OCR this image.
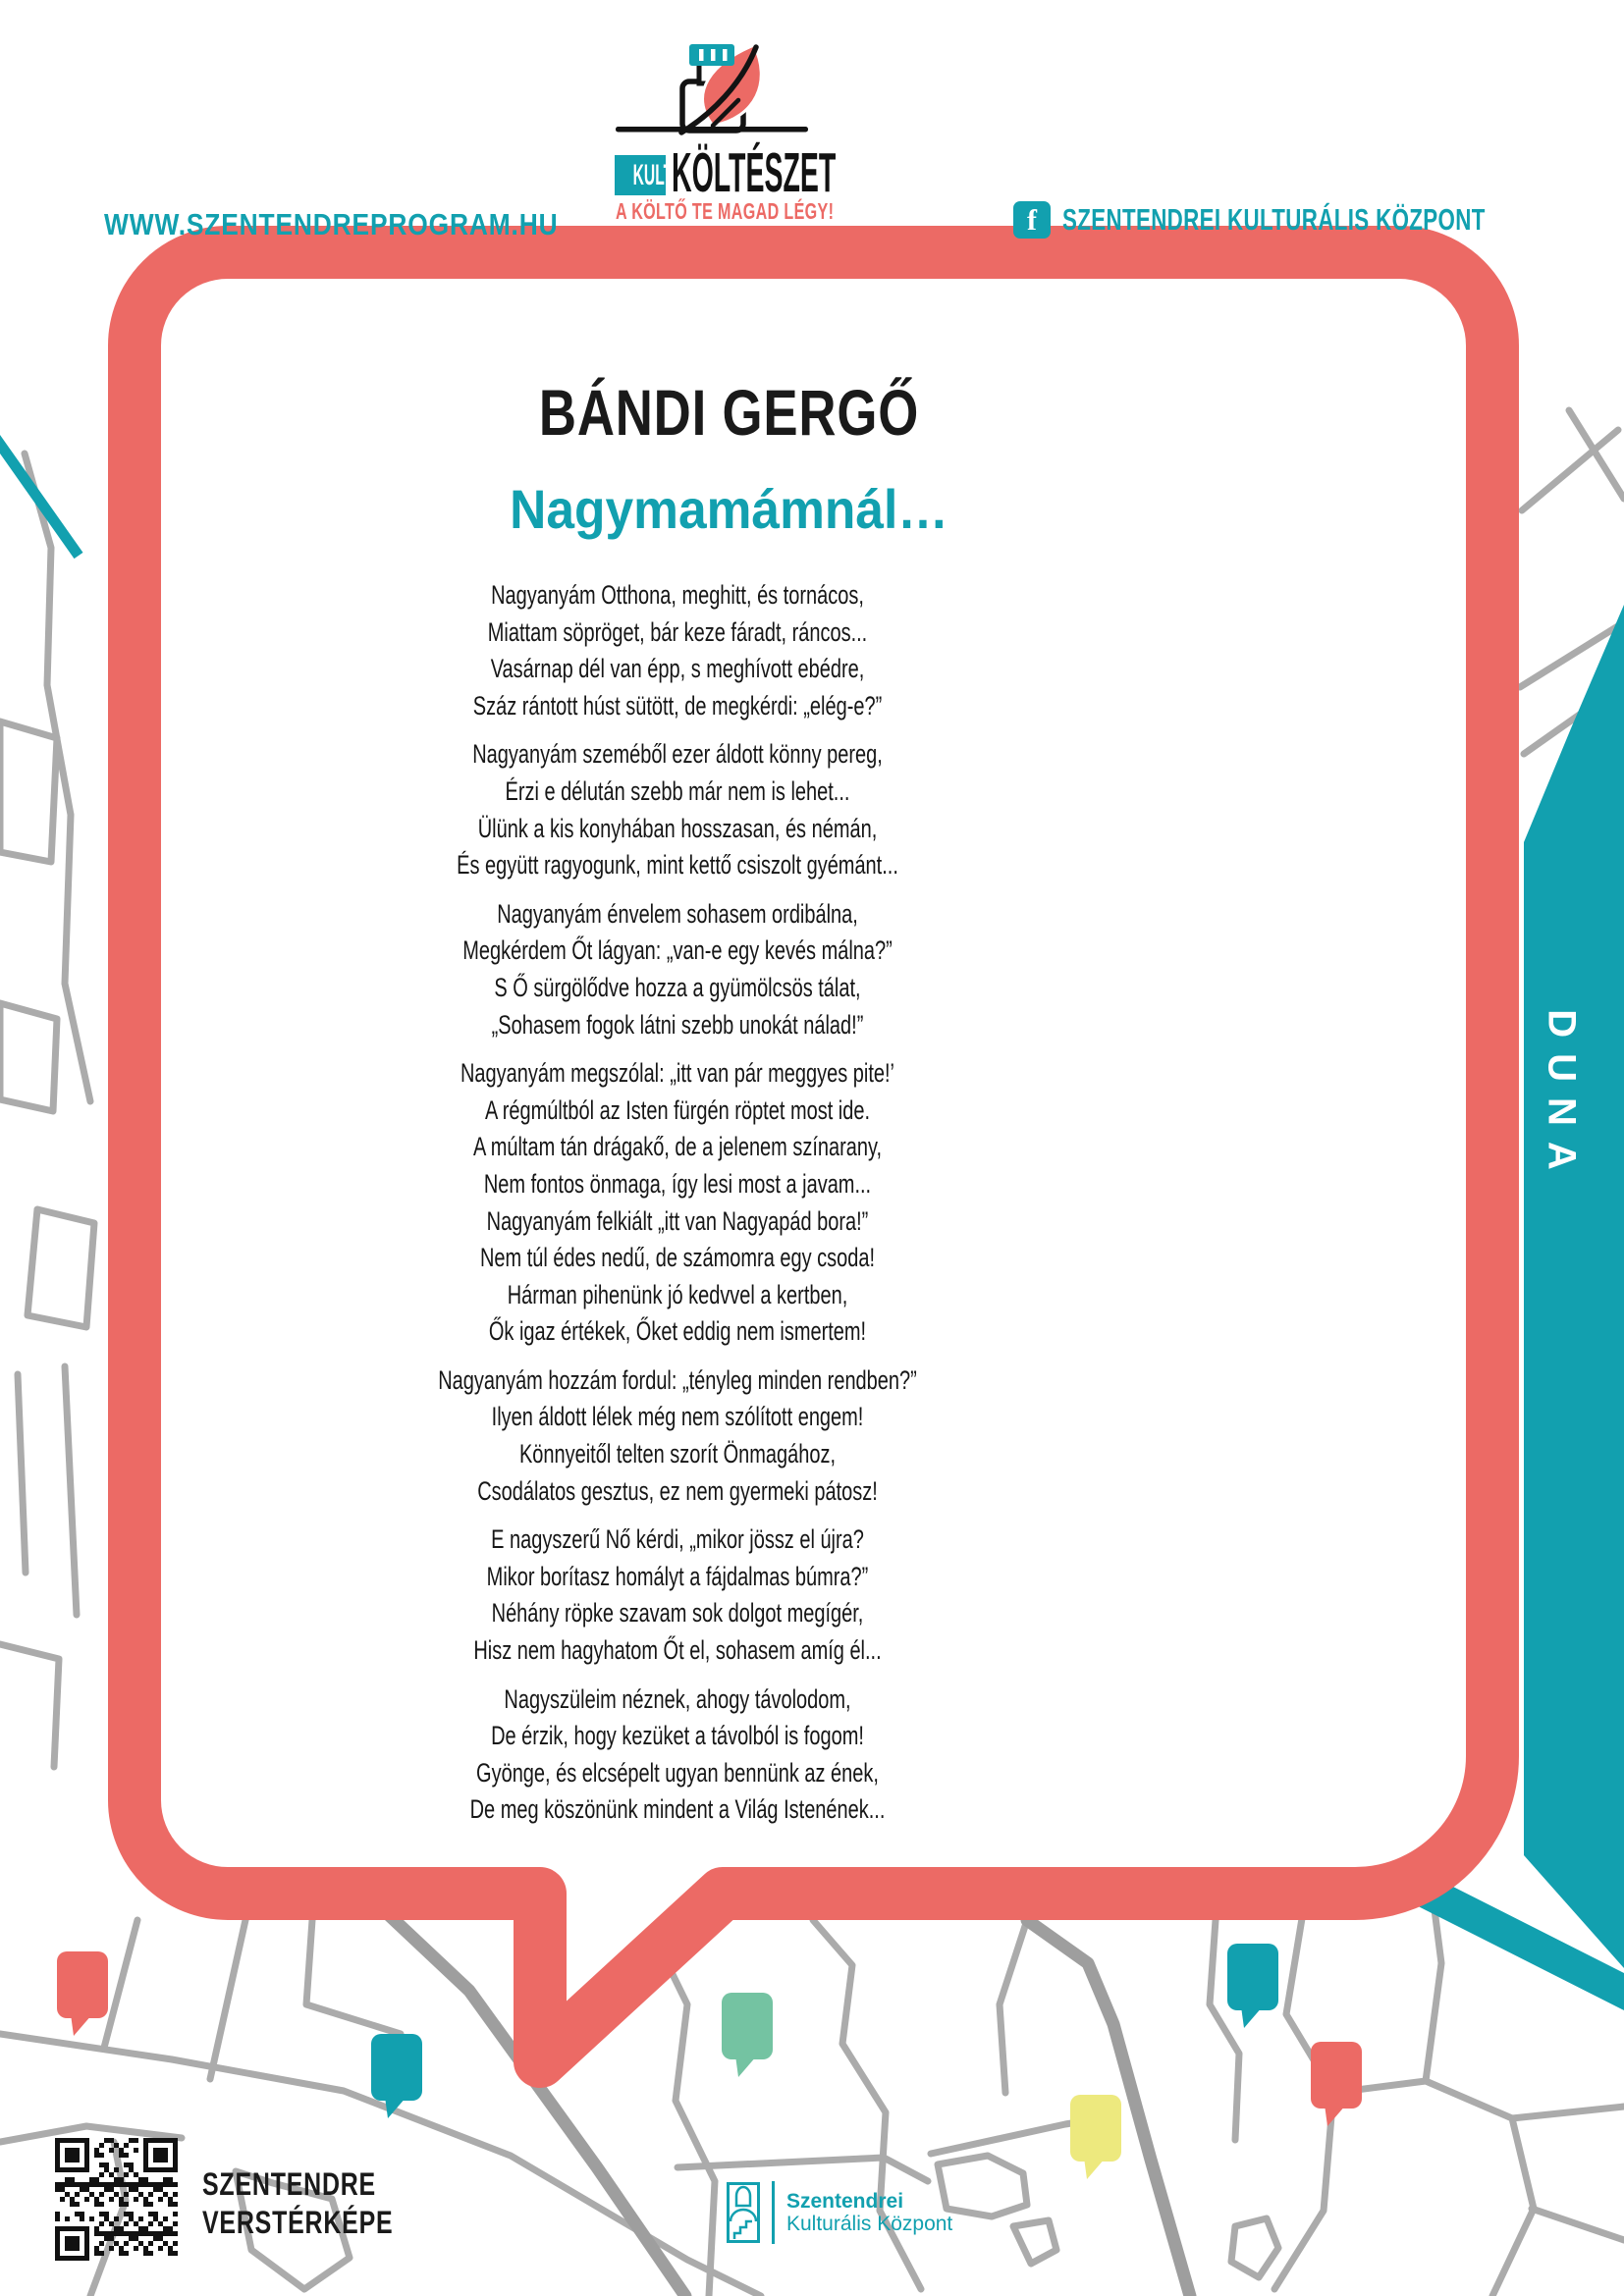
KULT
KÖLTÉSZET
A KÖLTŐ TE MAGAD LÉGY!
WWW.SZENTENDREPROGRAM.HU	f SZENTENDREI KULTURÁLIS KÖZPONT
BÁNDI GERGŐ
Nagymamámnál…
Nagyanyám Otthona, meghitt, és tornácos,
Miattam söpröget, bár keze fáradt, ráncos...
Vasárnap dél van épp, s meghívott ebédre,
Száz rántott húst sütött, de megkérdi: „elég-e?”
Nagyanyám szeméből ezer áldott könny pereg,
Érzi e délután szebb már nem is lehet...
Ülünk a kis konyhában hosszasan, és némán,
És együtt ragyogunk, mint kettő csiszolt gyémánt...
Nagyanyám énvelem sohasem ordibálna,
Megkérdem Őt lágyan: „van-e egy kevés málna?”
S Ő sürgölődve hozza a gyümölcsös tálat,
„Sohasem fogok látni szebb unokát nálad!”
Nagyanyám megszólal: „itt van pár meggyes pite!’
A régmúltból az Isten fürgén röptet most ide.
A múltam tán drágakő, de a jelenem színarany,
Nem fontos önmaga, így lesi most a javam...
Nagyanyám felkiált „itt van Nagyapád bora!”
Nem túl édes nedű, de számomra egy csoda!
Hárman pihenünk jó kedvvel a kertben,
Ők igaz értékek, Őket eddig nem ismertem!
Nagyanyám hozzám fordul: „tényleg minden rendben?”
Ilyen áldott lélek még nem szólított engem!
Könnyeitől telten szorít Önmagához,
Csodálatos gesztus, ez nem gyermeki pátosz!
E nagyszerű Nő kérdi, „mikor jössz el újra?
Mikor borítasz homályt a fájdalmas búmra?”
Néhány röpke szavam sok dolgot megígér,
Hisz nem hagyhatom Őt el, sohasem amíg él...
Nagyszüleim néznek, ahogy távolodom,
De érzik, hogy kezüket a távolból is fogom!
Gyönge, és elcsépelt ugyan bennünk az ének,
De meg köszönünk mindent a Világ Istenének...
DUNA
SZENTENDRE
VERSTÉRKÉPE
Szentendrei
Kulturális Központ
